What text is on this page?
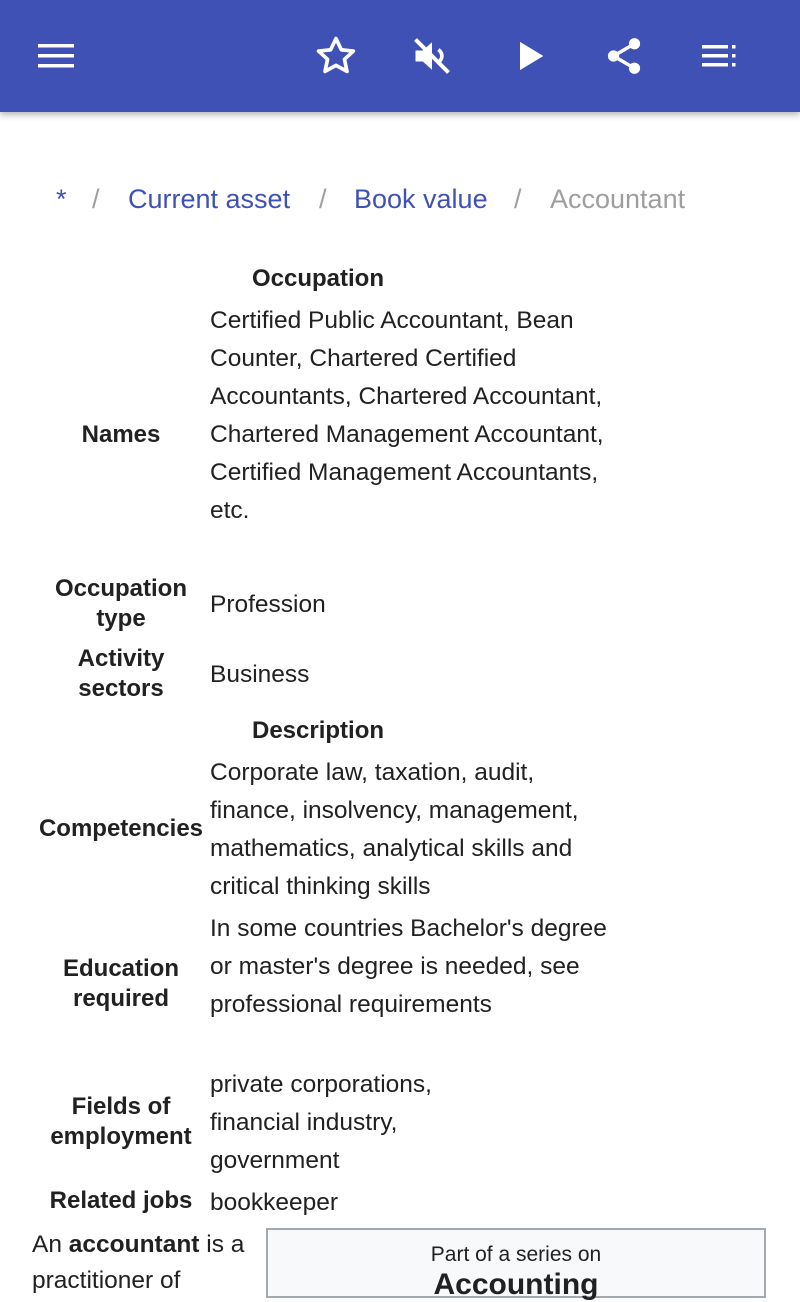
* / Current asset / Book value / Accountant
Occupation
Names
Certified Public Accountant, Bean Counter, Chartered Certified Accountants, Chartered Accountant, Chartered Management Accountant, Certified Management Accountants, etc.
Occupation
type
Profession
Activity
sectors
Business
Description
Competencies
Corporate law, taxation, audit, finance, insolvency, management, mathematics, analytical skills and critical thinking skills
Education
required
In some countries Bachelor's degree or master's degree is needed, see professional requirements
Fields of
employment
private corporations, financial industry, government
Related jobs bookkeeper
An accountant is a practitioner of
Part of a series on
Accounting
